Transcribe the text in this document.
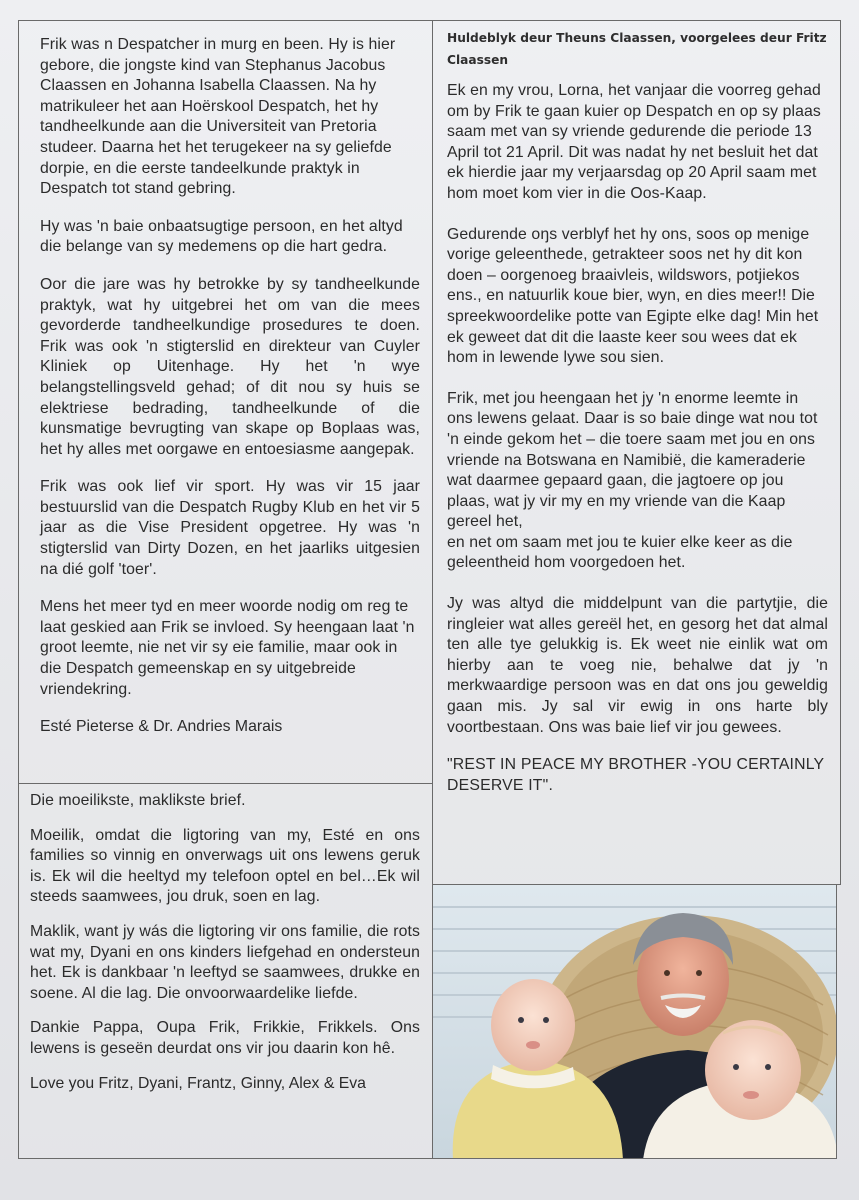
Frik was n Despatcher in murg en been. Hy is hier gebore, die jongste kind van Stephanus Jacobus Claassen en Johanna Isabella Claassen. Na hy matrikuleer het aan Hoërskool Despatch, het hy tandheelkunde aan die Universiteit van Pretoria studeer. Daarna het het terugekeer na sy geliefde dorpie, en die eerste tandeelkunde praktyk in Despatch tot stand gebring.

Hy was 'n baie onbaatsugtige persoon, en het altyd die belange van sy medemens op die hart gedra.

Oor die jare was hy betrokke by sy tandheelkunde praktyk, wat hy uitgebrei het om van die mees gevorderde tandheelkundige prosedures te doen. Frik was ook 'n stigterslid en direkteur van Cuyler Kliniek op Uitenhage. Hy het 'n wye belangstellingsveld gehad; of dit nou sy huis se elektriese bedrading, tandheelkunde of die kunsmatige bevrugting van skape op Boplaas was, het hy alles met oorgawe en entoesiasme aangepak.

Frik was ook lief vir sport. Hy was vir 15 jaar bestuurslid van die Despatch Rugby Klub en het vir 5 jaar as die Vise President opgetree. Hy was 'n stigterslid van Dirty Dozen, en het jaarliks uitgesien na dié golf 'toer'.

Mens het meer tyd en meer woorde nodig om reg te laat geskied aan Frik se invloed. Sy heengaan laat 'n groot leemte, nie net vir sy eie familie, maar ook in die Despatch gemeenskap en sy uitgebreide vriendekring.

Esté Pieterse & Dr. Andries Marais

Die moeilikste, maklikste brief.

Moeilik, omdat die ligtoring van my, Esté en ons families so vinnig en onverwags uit ons lewens geruk is. Ek wil die heeltyd my telefoon optel en bel…Ek wil steeds saamwees, jou druk, soen en lag.

Maklik, want jy wás die ligtoring vir ons familie, die rots wat my, Dyani en ons kinders liefgehad en ondersteun het. Ek is dankbaar 'n leeftyd se saamwees, drukke en soene. Al die lag. Die onvoorwaardelike liefde.

Dankie Pappa, Oupa Frik, Frikkie, Frikkels. Ons lewens is geseën deurdat ons vir jou daarin kon hê.

Love you Fritz, Dyani, Frantz, Ginny, Alex & Eva

Huldeblyk deur Theuns Claassen, voorgelees deur Fritz Claassen

Ek en my vrou, Lorna, het vanjaar die voorreg gehad om by Frik te gaan kuier op Despatch en op sy plaas saam met van sy vriende gedurende die periode 13 April tot 21 April. Dit was nadat hy net besluit het dat ek hierdie jaar my verjaarsdag op 20 April saam met hom moet kom vier in die Oos-Kaap.

Gedurende oŋs verblyf het hy ons, soos op menige vorige geleenthede, getrakteer soos net hy dit kon doen – oorgenoeg braaivleis, wildswors, potjiekos ens., en natuurlik koue bier, wyn, en dies meer!! Die spreekwoordelike potte van Egipte elke dag! Min het ek geweet dat dit die laaste keer sou wees dat ek hom in lewende lywe sou sien.

Frik, met jou heengaan het jy 'n enorme leemte in ons lewens gelaat. Daar is so baie dinge wat nou tot 'n einde gekom het – die toere saam met jou en ons vriende na Botswana en Namibië, die kameraderie wat daarmee gepaard gaan, die jagtoere op jou plaas, wat jy vir my en my vriende van die Kaap gereel het,
en net om saam met jou te kuier elke keer as die geleentheid hom voorgedoen het.

Jy was altyd die middelpunt van die partytjie, die ringleier wat alles gereël het, en gesorg het dat almal ten alle tye gelukkig is. Ek weet nie einlik wat om hierby aan te voeg nie, behalwe dat jy 'n merkwaardige persoon was en dat ons jou geweldig gaan mis. Jy sal vir ewig in ons harte bly voortbestaan. Ons was baie lief vir jou gewees.

"REST IN PEACE MY BROTHER -YOU CERTAINLY DESERVE IT".
